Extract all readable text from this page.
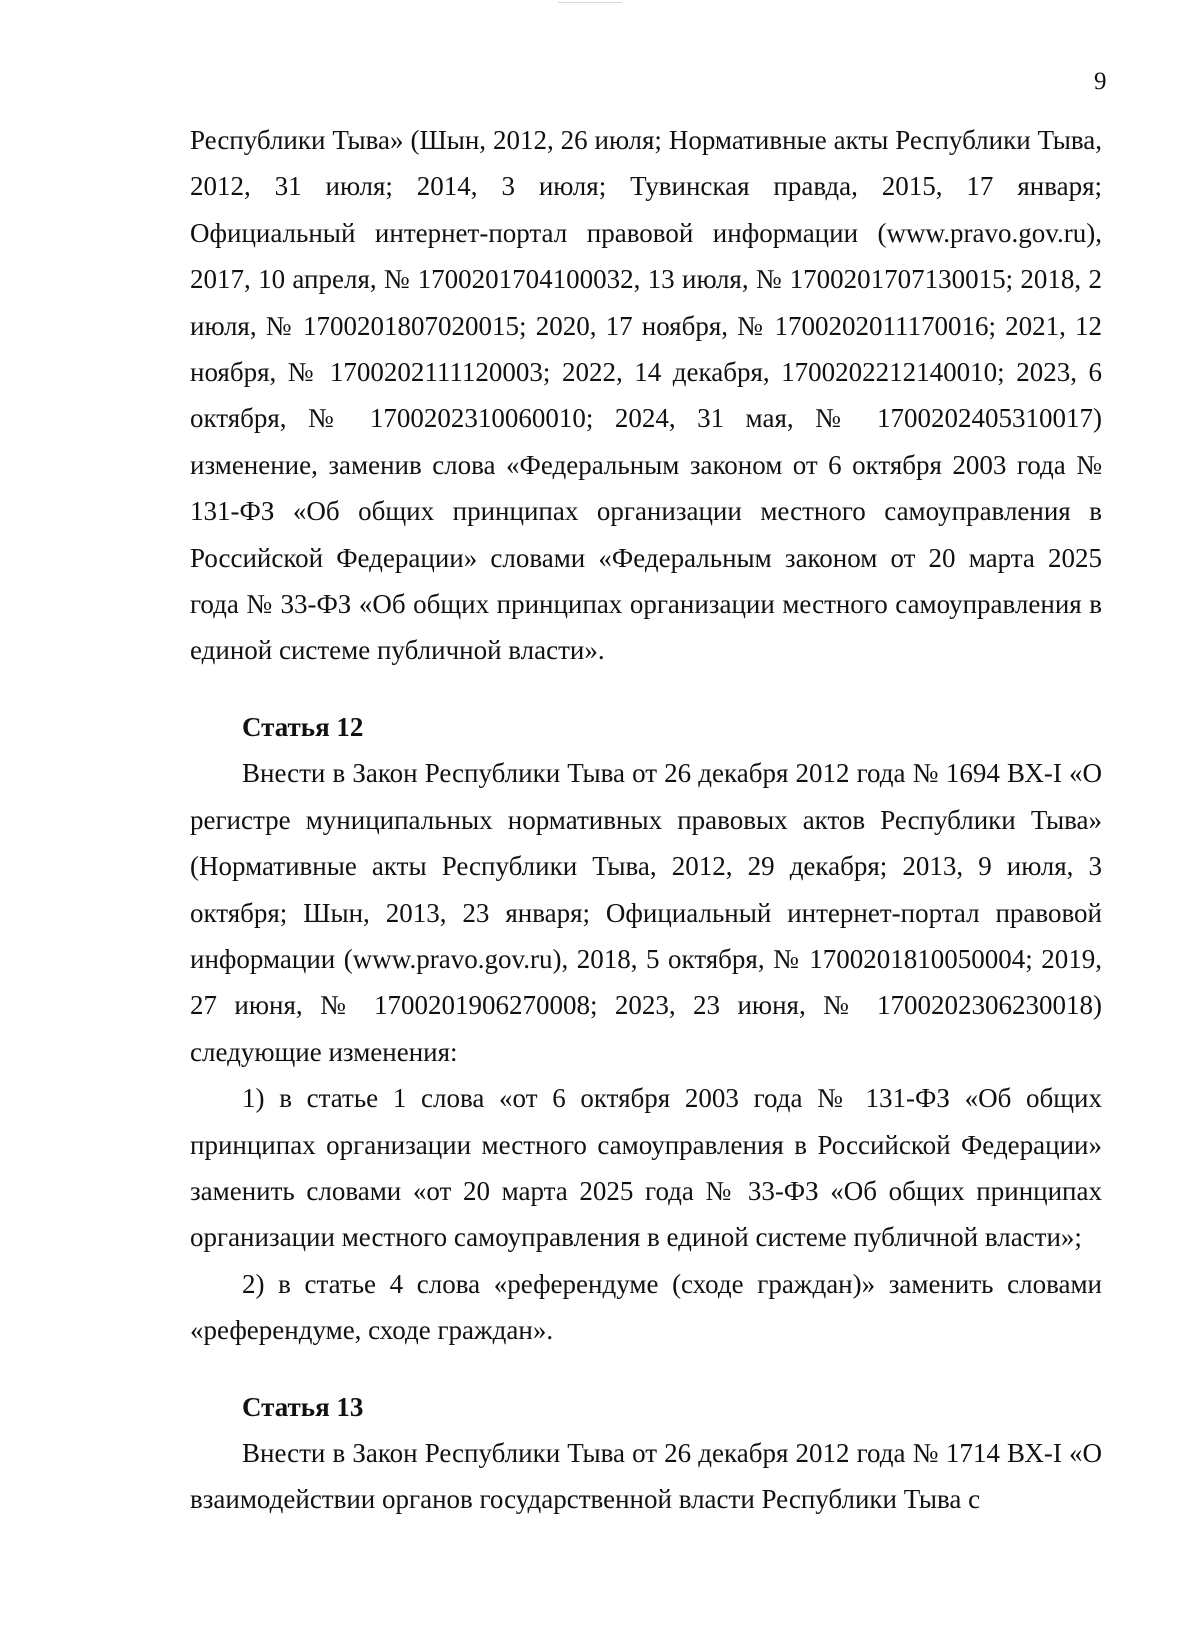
9

Республики Тыва» (Шын, 2012, 26 июля; Нормативные акты Республики Тыва, 2012, 31 июля; 2014, 3 июля; Тувинская правда, 2015, 17 января; Официальный интернет-портал правовой информации (www.pravo.gov.ru), 2017, 10 апреля, № 1700201704100032, 13 июля, № 1700201707130015; 2018, 2 июля, № 1700201807020015; 2020, 17 ноября, № 1700202011170016; 2021, 12 ноября, № 1700202111120003; 2022, 14 декабря, 1700202212140010; 2023, 6 октября, № 1700202310060010; 2024, 31 мая, № 1700202405310017) изменение, заменив слова «Федеральным законом от 6 октября 2003 года № 131-ФЗ «Об общих принципах организации местного самоуправления в Российской Федерации» словами «Федеральным законом от 20 марта 2025 года № 33-ФЗ «Об общих принципах организации местного самоуправления в единой системе публичной власти».

Статья 12

Внести в Закон Республики Тыва от 26 декабря 2012 года № 1694 ВХ-I «О регистре муниципальных нормативных правовых актов Республики Тыва» (Нормативные акты Республики Тыва, 2012, 29 декабря; 2013, 9 июля, 3 октября; Шын, 2013, 23 января; Официальный интернет-портал правовой информации (www.pravo.gov.ru), 2018, 5 октября, № 1700201810050004; 2019, 27 июня, № 1700201906270008; 2023, 23 июня, № 1700202306230018) следующие изменения:

1) в статье 1 слова «от 6 октября 2003 года № 131-ФЗ «Об общих принципах организации местного самоуправления в Российской Федерации» заменить словами «от 20 марта 2025 года № 33-ФЗ «Об общих принципах организации местного самоуправления в единой системе публичной власти»;

2) в статье 4 слова «референдуме (сходе граждан)» заменить словами «референдуме, сходе граждан».

Статья 13

Внести в Закон Республики Тыва от 26 декабря 2012 года № 1714 ВХ-I «О взаимодействии органов государственной власти Республики Тыва с
